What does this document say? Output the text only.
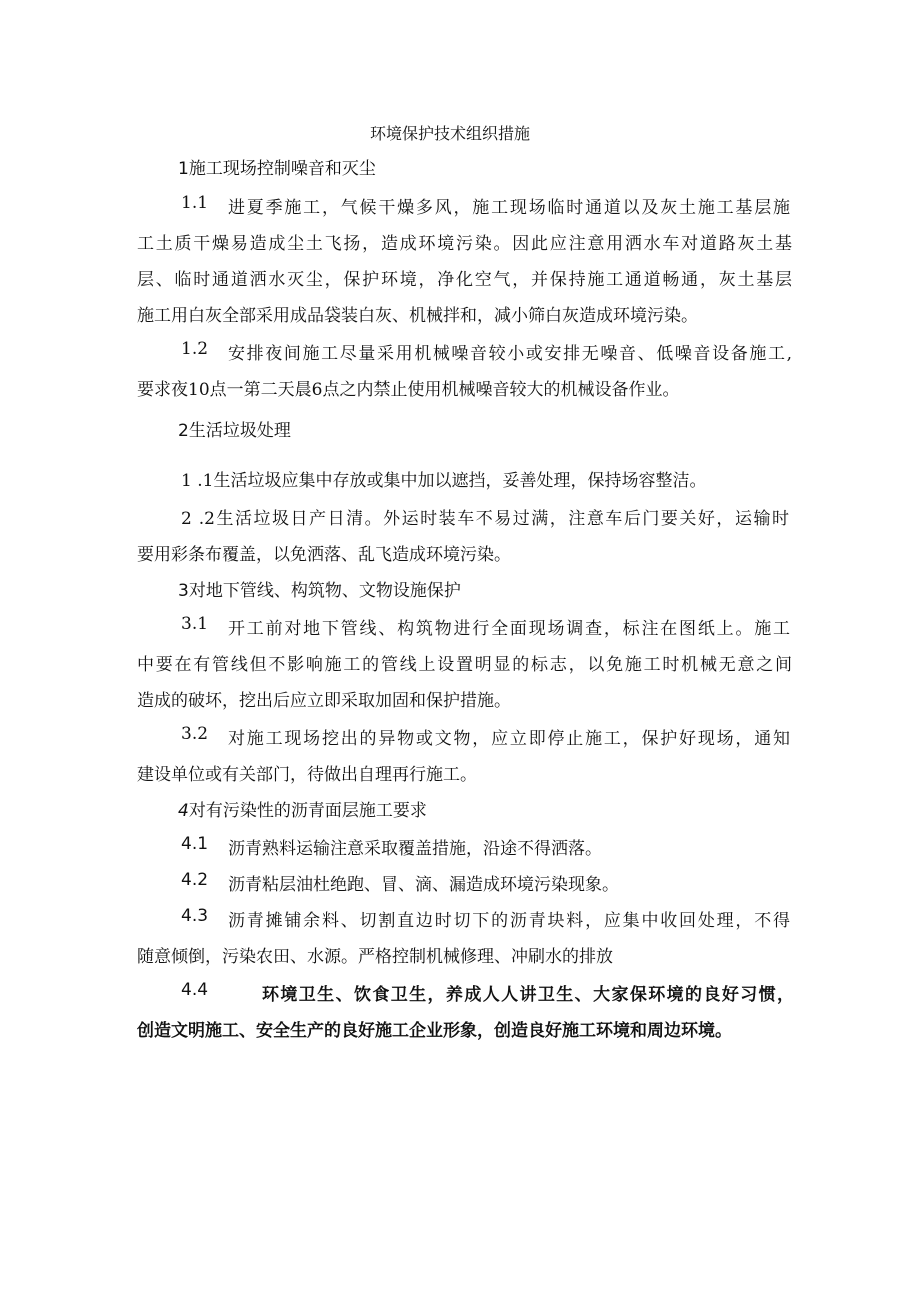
环境保护技术组织措施
1施工现场控制噪音和灭尘
1.1 进夏季施工，气候干燥多风，施工现场临时通道以及灰土施工基层施
工土质干燥易造成尘土飞扬，造成环境污染。因此应注意用洒水车对道路灰土基
层、临时通道洒水灭尘，保护环境，净化空气，并保持施工通道畅通，灰土基层
施工用白灰全部采用成品袋装白灰、机械拌和，减小筛白灰造成环境污染。
1.2 安排夜间施工尽量采用机械噪音较小或安排无噪音、低噪音设备施工,
要求夜10点一第二天晨6点之内禁止使用机械噪音较大的机械设备作业。
2生活垃圾处理
1 .1生活垃圾应集中存放或集中加以遮挡，妥善处理，保持场容整洁。
2 .2生活垃圾日产日清。外运时装车不易过满，注意车后门要关好，运输时
要用彩条布覆盖，以免洒落、乱飞造成环境污染。
3对地下管线、构筑物、文物设施保护
3.1 开工前对地下管线、构筑物进行全面现场调查，标注在图纸上。施工
中要在有管线但不影响施工的管线上设置明显的标志，以免施工时机械无意之间
造成的破坏，挖出后应立即采取加固和保护措施。
3.2 对施工现场挖出的异物或文物，应立即停止施工，保护好现场，通知
建设单位或有关部门，待做出自理再行施工。
4对有污染性的沥青面层施工要求
4.1 沥青熟料运输注意采取覆盖措施，沿途不得洒落。
4.2 沥青粘层油杜绝跑、冒、滴、漏造成环境污染现象。
4.3 沥青摊铺余料、切割直边时切下的沥青块料，应集中收回处理，不得
随意倾倒，污染农田、水源。严格控制机械修理、冲刷水的排放
4.4	环境卫生、饮食卫生，养成人人讲卫生、大家保环境的良好习惯，
创造文明施工、安全生产的良好施工企业形象，创造良好施工环境和周边环境。
